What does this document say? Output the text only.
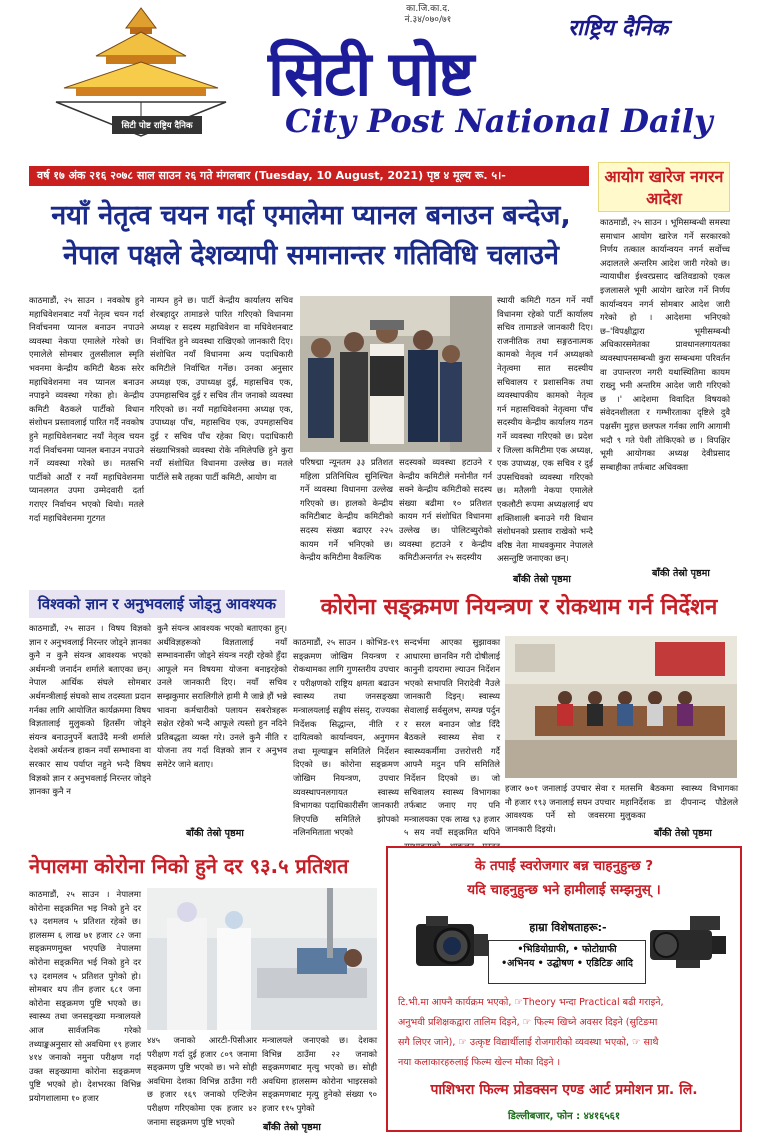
सिटी पोष्ट राष्ट्रिय दैनिक
का.जि.का.द.
नं.३४/०७०/७१	राष्ट्रिय दैनिक
सिटी पोष्ट
City Post National Daily
वर्ष १७ अंक २१६ २०७८ साल साउन २६ गते मंगलबार (Tuesday, 10 August, 2021) पृष्ठ ४ मूल्य रू. ५।-	आयोग खारेज नगरन आदेश
काठमाडौं, २५ साउन । भूमिसम्बन्धी समस्या समाधान आयोग खारेज गर्ने सरकारको निर्णय तत्काल कार्यान्वयन नगर्न सर्वोच्च अदालतले अन्तरिम आदेश जारी गरेको छ। न्यायाधीश ईश्वरप्रसाद खतिवडाको एकल इजलासले भूमी आयोग खारेज गर्ने निर्णय कार्यान्वयन नगर्न सोमबार आदेश जारी गरेको हो । आदेशमा भनिएको छ–'विपक्षीद्वारा भूमीसम्बन्धी अधिकारसमेतका प्रावधानलगायतका व्यवस्थापनसम्बन्धी कुरा सम्बन्धमा परिवर्तन वा उपान्तरण नगरी यथास्थितिमा कायम राख्नु भनी अन्तरिम आदेश जारी गरिएको छ ।' आदेशमा विवादित विषयको संवेदनशीलता र गम्भीरताका दृष्टिले दुवै पक्षसँग मुहत्त छलफल गर्नका लागि आगामी भदौ ९ गते पेशी तोकिएको छ । विपक्षिर भूमी आयोगका अध्यक्ष देवीप्रसाद सम्बाहीका तर्फबाट अधिवक्ता
बाँकी तेस्रो पृष्ठमा
नयाँ नेतृत्व चयन गर्दा एमालेमा प्यानल बनाउन बन्देज,
नेपाल पक्षले देशव्यापी समानान्तर गतिविधि चलाउने
काठमाडौं, २५ साउन । नवकोष हुने महाधिवेशनबाट नयाँ नेतृत्व चयन गर्दा निर्वाचनमा प्यानल बनाउन नपाउने व्यवस्था नेकपा एमालेले गरेको छ। एमालेले सोमबार तुलसीलाल स्मृति भवनमा केन्द्रीय कमिटी बैठक सरेर महाधिवेशनमा नव प्यानल बनाउन नपाइने व्यवस्था गरेका हो। केन्द्रीय कमिटी बैठकले पार्टीको विधान संशोधन प्रस्तावलाई पारित गर्दै नवकोष हुने महाधिवेशनबाट नयाँ नेतृत्व चयन गर्दा निर्वाचनमा प्यानल बनाउन नपाउने गर्ने व्यवस्था गरेको छ। मतसभि पार्टीको आठौं र नयाँ महाधिवेशनमा प्यानलगत उपमा उम्मेदवारी दर्ता गराएर निर्वाचन भएको थियो। मतले गर्दा महाधिवेशनमा गुटगत
नाम्पन हुने छ। पार्टी केन्द्रीय कार्यालय सचिव शेरबहादुर तामाङले पारित गरिएको विधानमा अध्यक्ष र सदस्य महाधिवेशन वा मधिवेशनबाट निर्वाचित हुने व्यवस्था राखिएको जानकारी दिए। संशोधित नयाँ विधानमा अन्य पदाधिकारी कमिटीले निर्वाचित गर्नेछ। उनका अनुसार अध्यक्ष एक, उपाध्यक्ष दुई, महासचिव एक, उपमहासचिव दुई र सचिव तीन जनाको व्यवस्था गरिएको छ। नयाँ महाधिवेशनमा अध्यक्ष एक, उपाध्यक्ष पाँच, महासचिव एक, उपमहासचिव दुई र सचिव पाँच रहेका थिए। पदाधिकारी संख्याभित्रको व्यवस्था रोके नमिलेपछि हुने कुरा नयाँ संशोधित विधानमा उल्लेख छ। मतले पार्टीले सबै तहका पार्टी कमिटी, आयोग वा
परिषद्मा न्यूनतम ३३ प्रतिशत महिला प्रतिनिधित्व सुनिश्चित गर्ने व्यवस्था विधानमा उल्लेख गरिएको छ। हालको केन्द्रीय कमिटीबाट केन्द्रीय कमिटीको सदस्य संख्या बढाएर २२५ कायम गर्ने भनिएको छ। केन्द्रीय कमिटीमा वैकल्पिक
सदस्यको व्यवस्था हटाउने र केन्द्रीय कमिटीले मनोनीत गर्न सक्ने केन्द्रीय कमिटीको सदस्य संख्या बढीमा १० प्रतिशत कायम गर्न संशोधित विधानमा उल्लेख छ। पोलिटब्युरोको व्यवस्था हटाउने र केन्द्रीय कमिटीअन्तर्गत २५ सदस्यीय
स्थायी कमिटी गठन गर्ने नयाँ विधानमा रहेको पार्टी कार्यालय सचिव तामाङले जानकारी दिए। राजनीतिक तथा सङ्गठनात्मक कामको नेतृत्व गर्न अध्यक्षको नेतृत्वमा सात सदस्यीय सचिवालय र प्रशासनिक तथा व्यवस्थापकीय कामको नेतृत्व गर्न महासचिवको नेतृत्वमा पाँच सदस्यीय केन्द्रीय कार्यालय गठन गर्ने व्यवस्था गरिएको छ। प्रदेश र जिल्ला कमिटीमा एक अध्यक्ष, एक उपाध्यक्ष, एक सचिव र दुई उपसचिवको व्यवस्था गरिएको छ। मतैलगी नेकपा एमालेले एकलौटी रूपमा अध्यक्षलाई थप शक्तिशाली बनाउने गरी विधान संशोधनको प्रस्ताव राखेको भन्दै वरिष्ठ नेता माधवकुमार नेपालले असन्तुष्टि जनाएका छन्।
बाँकी तेस्रो पृष्ठमा
विश्वको ज्ञान र अनुभवलाई जोड्नु आवश्यक
काठमाडौं, २५ साउन । विषय विज्ञको ज्ञान र अनुभवलाई निरन्तर जोड्ने ज्ञानका कुनै न कुनै संयन्त्र आवश्यक भएको अर्थमन्त्री जनार्दन शर्माले बताएका छन्। नेपाल आर्थिक संघले सोमबार अर्थमन्त्रीलाई संघको साथ तदस्यता प्रदान गर्नका लागि आयोजित कार्यक्रममा विषय विज्ञतालाई मुलुकको हितसँग जोड्ने संयन्त्र बनाउनुपर्ने बताउँदै मन्त्री शर्माले देशको अर्थतन्त्र हाकन नयाँ सम्भावना वा सरकार साथ पर्याप्त नहुने भन्दै विषय विज्ञको ज्ञान र अनुभवलाई निरन्तर जोड्ने ज्ञानका कुनै न
कुनै संयन्त्र आवश्यक भएको बताएका हुन्। अर्थविज्ञहरूको विज्ञतालाई नयाँ सम्भावनासँग जोड्ने संयन्त्र नरही रहेको हुँदा आफूले मन विषयमा योजना बनाइरहेको उनले जानकारी दिए। नयाँ सचिव सम्झकुमार सरालिगीले हामी मै जान्ने हौं भन्ने भावना कर्मचारीको पलायन सबरोत्रहरू सक्षेत रहेको भन्दै आफूले त्यस्तो हुन नदिने प्रतिबद्धता व्यक्त गरे। उनले कुनै नीति र योजना तय गर्दा विज्ञको ज्ञान र अनुभव समेटेर जाने बताए।
बाँकी तेस्रो पृष्ठमा
कोरोना सङ्क्रमण नियन्त्रण र रोकथाम गर्न निर्देशन
काठमाडौं, २५ साउन । कोभिड-१९ सङ्क्रमण जोखिम नियन्त्रण र रोकथामका लागि गुणस्तरीय उपचार र परीक्षणको राष्ट्रिय क्षमता बढाउन स्वास्थ्य तथा जनसङ्ख्या मन्त्रालयलाई सङ्घीय संसद्, राज्यका निर्देशक सिद्धान्त, नीति र दायित्वको कार्यान्वयन, अनुगमन तथा मूल्याङ्कन समितिले निर्देशन दिएको छ। कोरोना सङ्क्रमण जोखिम नियन्त्रण, उपचार व्यवस्थापनलगायत स्वास्थ्य विभागका पदाधिकारीसँग जानकारी लिएपछि समितिले झोपको नलिनमिताता भएको
सन्दर्भमा आएका सुझावका आधारमा छानविन गरी दोषीलाई कानुनी दायरामा ल्याउन निर्देशन भएको सभापति निरादेवी नैउले जानकारी दिइन्। स्वास्थ्य सेवालाई सर्वसुलभ, सम्पन्न पर्दुन र सरल बनाउन जोड दिँदै बैठकले स्वास्थ्य सेवा र स्वास्थ्यकर्मीमा उत्तरोत्तरी गर्दै आफ्नै मदुन पनि समितिले निर्देशन दिएको छ। जो सचिवालय स्वास्थ्य विभागका तर्फबाट जनाए गए पनि मन्त्रालयका एक लाख ९३ हजार ५ सय नयाँ सङ्क्रमित थपिने
हजार ७०१ जनालाई उपचार सेवा र नौ हजार १९३ जनालाई सघन उपचार आवश्यक पर्ने सो जवसरमा जानकारी दिइयो।
मतसमि बैठकमा स्वास्थ्य विभागका महानिर्देशक डा दीपनान्द पौडेलले मुलुकका
बाँकी तेस्रो पृष्ठमा
नेपालमा कोरोना निको हुने दर ९३.५ प्रतिशत
काठमाडौं, २५ साउन । नेपालमा कोरोना सङ्क्रमित भइ निको हुने दर ९३ दशमलव ५ प्रतिशत रहेको छ। हालसम्म ६ लाख ७१ हजार ८२ जना सङ्क्रमणमुक्त भएपछि नेपालमा कोरोना सङ्क्रमित भई निको हुने दर ९३ दशमलव ५ प्रतिशत पुगेको हो। सोमबार थप तीन हजार ६८१ जना कोरोना सङ्क्रमण पुष्टि भएको छ। स्वास्थ्य तथा जनसङ्ख्या मन्त्रालयले आज सार्वजनिक गरेको तथ्याङ्कअनुसार सो अवधिमा १९ हजार ४१४ जनाको नमुना परीक्षण गर्दा उक्त सङ्ख्यामा कोरोना सङ्क्रमण पुष्टि भएको हो। देशभरका विभिन्न प्रयोगशालामा १० हजार
४४५ जनाको आरटी-पिसीआर परीक्षण गर्दा दुई हजार ८०९ जनामा सङ्क्रमण पुष्टि भएको छ। भने सोही अवधिमा देशका विभिन्न ठाउँमा गरी छ हजार १६९ जनाको एन्टिजेन परीक्षण गरिएकोमा एक हजार ४२ जनामा सङ्क्रमण पुष्टि भएको
मन्त्रालयले जनाएको छ। देशका विभिन्न ठाउँमा २२ जनाको सङ्क्रमणबाट मृत्यु भएको छ। सोही अवधिमा हालसम्म कोरोना भाइरसको सङ्क्रमणबाट मृत्यु हुनेको संख्या ९० हजार ११५ पुगेको
बाँकी तेस्रो पृष्ठमा
के तपाईं स्वरोजगार बन्न चाहनुहुन्छ ?
यदि चाहनुहुन्छ भने हामीलाई सम्झनुस् ।
हाम्रा विशेषताहरू:-
•भिडियोग्राफी, • फोटोग्राफी
•अभिनय • उद्घोषण • एडिटिङ आदि
टि.भी.मा आफ्नै कार्यक्रम भएको, ☞Theory भन्दा Practical बढी गराइने,
अनुभवी प्रशिक्षकद्वारा तालिम दिइने, ☞ फिल्म खिच्ने अवसर दिइने (सुटिङमा
सगै लिएर जाने), ☞ उत्कृष्ट विद्यार्थीलाई रोजगारीको व्यवस्था भएको, ☞ साथै
नया कलाकारहरुलाई फिल्म खेल्न मौका दिइने ।
पाशिभरा फिल्म प्रोडक्सन एण्ड आर्ट प्रमोशन प्रा. लि.
डिल्लीबजार, फोन : ४४१६५६१
